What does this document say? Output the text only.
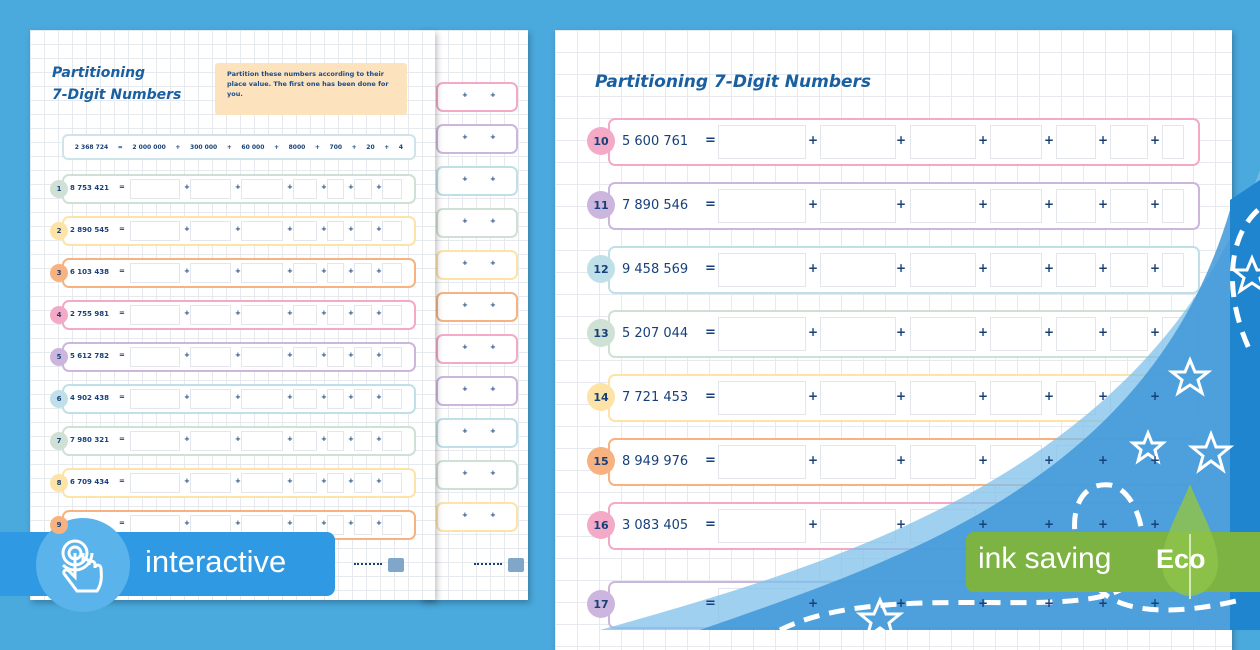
+	+
+	+
+	+
+	+
+	+
+	+
+	+
+	+
+	+
+	+
+	+
Partitioning
7-Digit Numbers
Partition these numbers according to their place value. The first one has been done for you.
2 368 724 = 2 000 000 + 300 000 + 60 000 + 8000 + 700 + 20 + 4
8 753 421 =	+	+	+	+	+	+
1
2 890 545 =	+	+	+	+	+	+
2
6 103 438 =	+	+	+	+	+	+
3
2 755 981 =	+	+	+	+	+	+
4
5 612 782 =	+	+	+	+	+	+
5
4 902 438 =	+	+	+	+	+	+
6
7 980 321 =	+	+	+	+	+	+
7
6 709 434 =	+	+	+	+	+	+
8
=	+	+	+	+	+	+
9
Partitioning 7-Digit Numbers
5 600 761 =	+	+	+	+	+	+
10
7 890 546 =	+	+	+	+	+	+
11
9 458 569 =	+	+	+	+	+	+
12
5 207 044 =	+	+	+	+	+	+
13
7 721 453 =	+	+	+	+	+	+
14
8 949 976 =	+	+	+	+	+	+
15
3 083 405 =	+	+	+	+	+	+
16
=	+	+	+	+	+	+
17
interactive	ink saving Eco
